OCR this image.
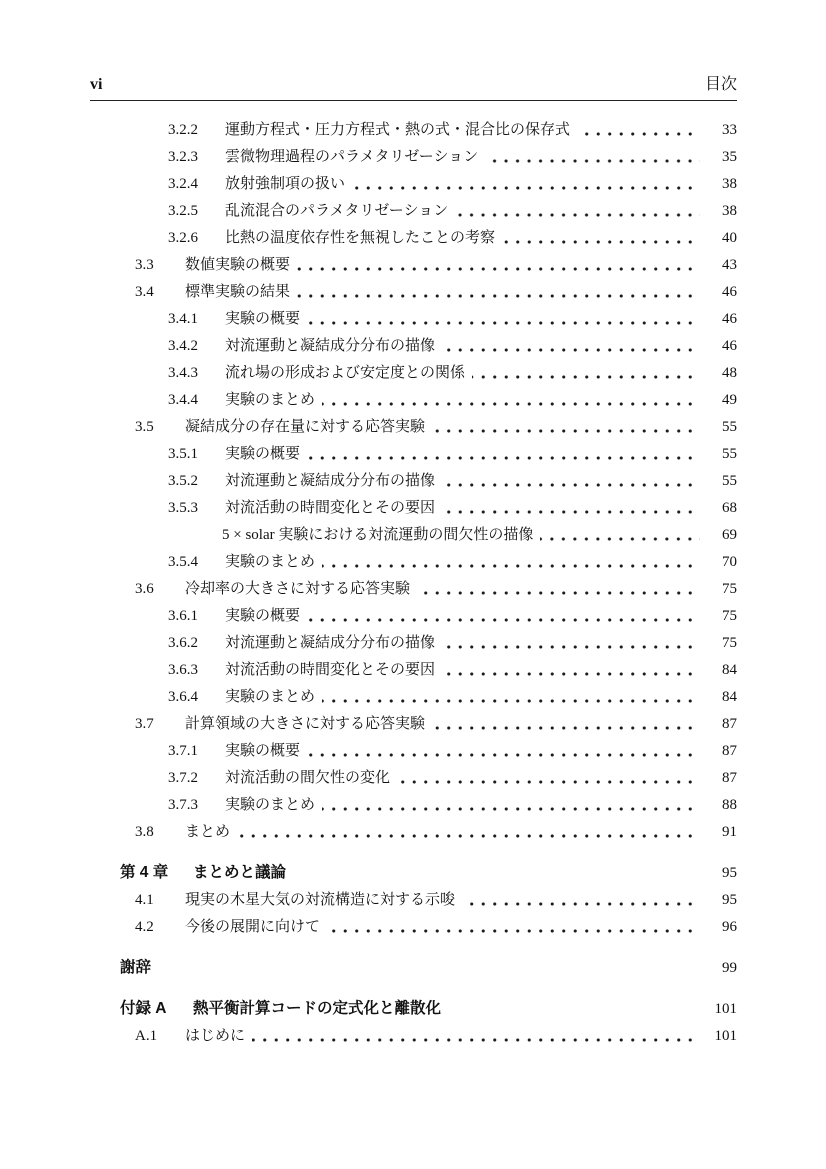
vi	目次
3.2.2	運動方程式・圧力方程式・熱の式・混合比の保存式	33
3.2.3	雲微物理過程のパラメタリゼーション	35
3.2.4	放射強制項の扱い	38
3.2.5	乱流混合のパラメタリゼーション	38
3.2.6	比熱の温度依存性を無視したことの考察	40
3.3	数値実験の概要	43
3.4	標準実験の結果	46
3.4.1	実験の概要	46
3.4.2	対流運動と凝結成分分布の描像	46
3.4.3	流れ場の形成および安定度との関係	48
3.4.4	実験のまとめ	49
3.5	凝結成分の存在量に対する応答実験	55
3.5.1	実験の概要	55
3.5.2	対流運動と凝結成分分布の描像	55
3.5.3	対流活動の時間変化とその要因	68
5 × solar 実験における対流運動の間欠性の描像	69
3.5.4	実験のまとめ	70
3.6	冷却率の大きさに対する応答実験	75
3.6.1	実験の概要	75
3.6.2	対流運動と凝結成分分布の描像	75
3.6.3	対流活動の時間変化とその要因	84
3.6.4	実験のまとめ	84
3.7	計算領域の大きさに対する応答実験	87
3.7.1	実験の概要	87
3.7.2	対流活動の間欠性の変化	87
3.7.3	実験のまとめ	88
3.8	まとめ	91
第 4 章	まとめと議論	95
4.1	現実の木星大気の対流構造に対する示唆	95
4.2	今後の展開に向けて	96
謝辞	99
付録 A	熱平衡計算コードの定式化と離散化	101
A.1	はじめに	101
